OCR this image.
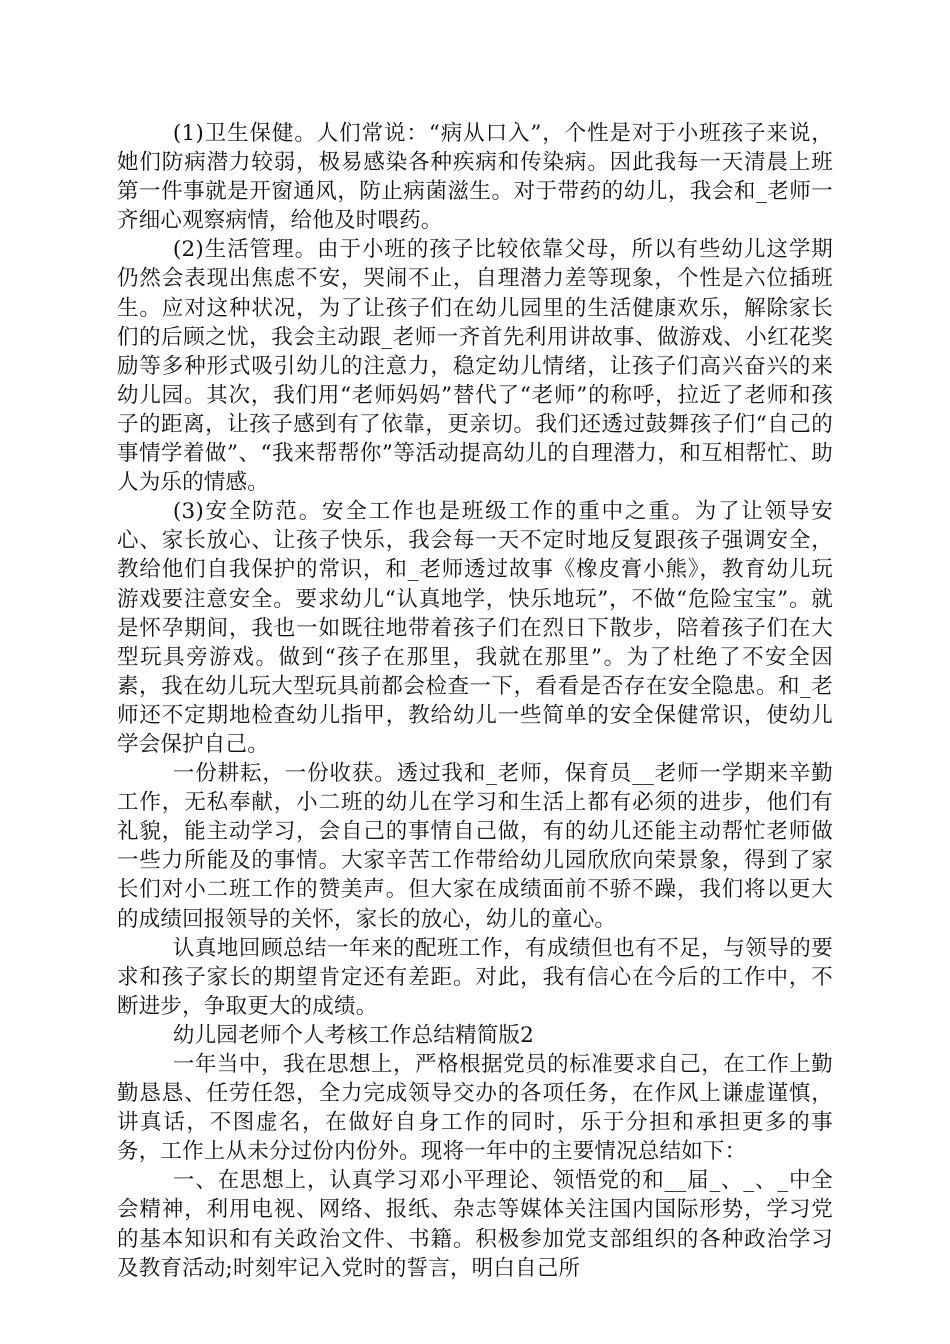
(1)卫生保健。人们常说：“病从口入”，个性是对于小班孩子来说，她们防病潜力较弱，极易感染各种疾病和传染病。因此我每一天清晨上班第一件事就是开窗通风，防止病菌滋生。对于带药的幼儿，我会和_老师一齐细心观察病情，给他及时喂药。

(2)生活管理。由于小班的孩子比较依靠父母，所以有些幼儿这学期仍然会表现出焦虑不安，哭闹不止，自理潜力差等现象，个性是六位插班生。应对这种状况，为了让孩子们在幼儿园里的生活健康欢乐，解除家长们的后顾之忧，我会主动跟_老师一齐首先利用讲故事、做游戏、小红花奖励等多种形式吸引幼儿的注意力，稳定幼儿情绪，让孩子们高兴奋兴的来幼儿园。其次，我们用“老师妈妈”替代了“老师”的称呼，拉近了老师和孩子的距离，让孩子感到有了依靠，更亲切。我们还透过鼓舞孩子们“自己的事情学着做”、“我来帮帮你”等活动提高幼儿的自理潜力，和互相帮忙、助人为乐的情感。

(3)安全防范。安全工作也是班级工作的重中之重。为了让领导安心、家长放心、让孩子快乐，我会每一天不定时地反复跟孩子强调安全，教给他们自我保护的常识，和_老师透过故事《橡皮膏小熊》，教育幼儿玩游戏要注意安全。要求幼儿“认真地学，快乐地玩”，不做“危险宝宝”。就是怀孕期间，我也一如既往地带着孩子们在烈日下散步，陪着孩子们在大型玩具旁游戏。做到“孩子在那里，我就在那里”。为了杜绝了不安全因素，我在幼儿玩大型玩具前都会检查一下，看看是否存在安全隐患。和_老师还不定期地检查幼儿指甲，教给幼儿一些简单的安全保健常识，使幼儿学会保护自己。

一份耕耘，一份收获。透过我和_老师，保育员__老师一学期来辛勤工作，无私奉献，小二班的幼儿在学习和生活上都有必须的进步，他们有礼貌，能主动学习，会自己的事情自己做，有的幼儿还能主动帮忙老师做一些力所能及的事情。大家辛苦工作带给幼儿园欣欣向荣景象，得到了家长们对小二班工作的赞美声。但大家在成绩面前不骄不躁，我们将以更大的成绩回报领导的关怀，家长的放心，幼儿的童心。

认真地回顾总结一年来的配班工作，有成绩但也有不足，与领导的要求和孩子家长的期望肯定还有差距。对此，我有信心在今后的工作中，不断进步，争取更大的成绩。

幼儿园老师个人考核工作总结精简版2

一年当中，我在思想上，严格根据党员的标准要求自己，在工作上勤勤恳恳、任劳任怨，全力完成领导交办的各项任务，在作风上谦虚谨慎，讲真话，不图虚名，在做好自身工作的同时，乐于分担和承担更多的事务，工作上从未分过份内份外。现将一年中的主要情况总结如下：

一、在思想上，认真学习邓小平理论、领悟党的和__届_、_、_中全会精神，利用电视、网络、报纸、杂志等媒体关注国内国际形势，学习党的基本知识和有关政治文件、书籍。积极参加党支部组织的各种政治学习及教育活动;时刻牢记入党时的誓言，明白自己所
